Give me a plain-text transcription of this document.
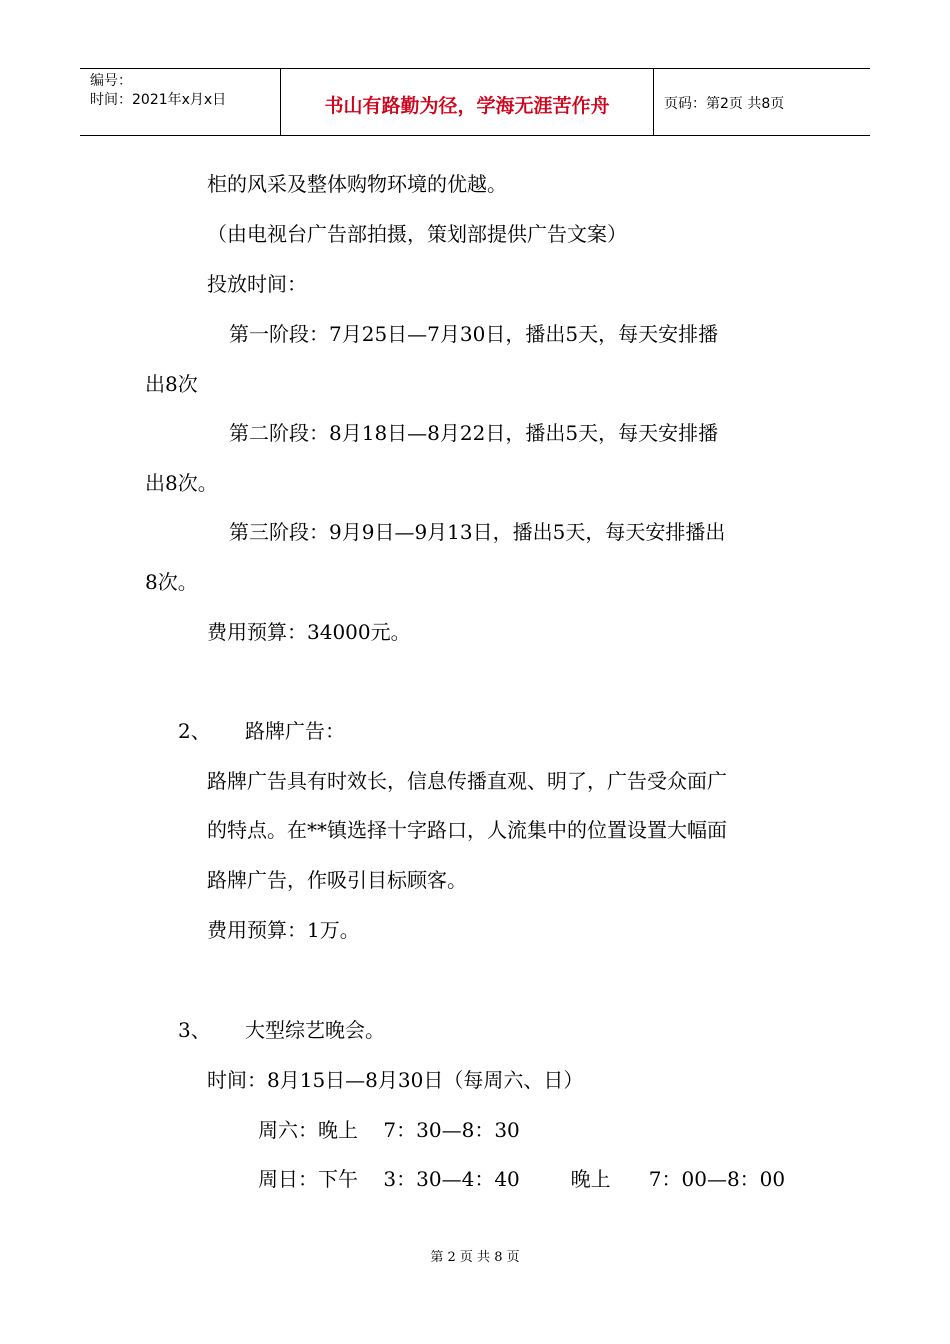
编号：
时间：2021年x月x日	书山有路勤为径，学海无涯苦作舟	页码：第2页 共8页
柜的风采及整体购物环境的优越。
（由电视台广告部拍摄，策划部提供广告文案）
投放时间：
第一阶段：7月25日—7月30日，播出5天，每天安排播
出8次
第二阶段：8月18日—8月22日，播出5天，每天安排播
出8次。
第三阶段：9月9日—9月13日，播出5天，每天安排播出
8次。
费用预算：34000元。
2、 路牌广告：
路牌广告具有时效长，信息传播直观、明了，广告受众面广
的特点。在**镇选择十字路口，人流集中的位置设置大幅面
路牌广告，作吸引目标顾客。
费用预算：1万。
3、 大型综艺晚会。
时间：8月15日—8月30日（每周六、日）
周六：晚上    7：30—8：30
周日：下午    3：30—4：40        晚上      7：00—8：00
第 2 页 共 8 页
